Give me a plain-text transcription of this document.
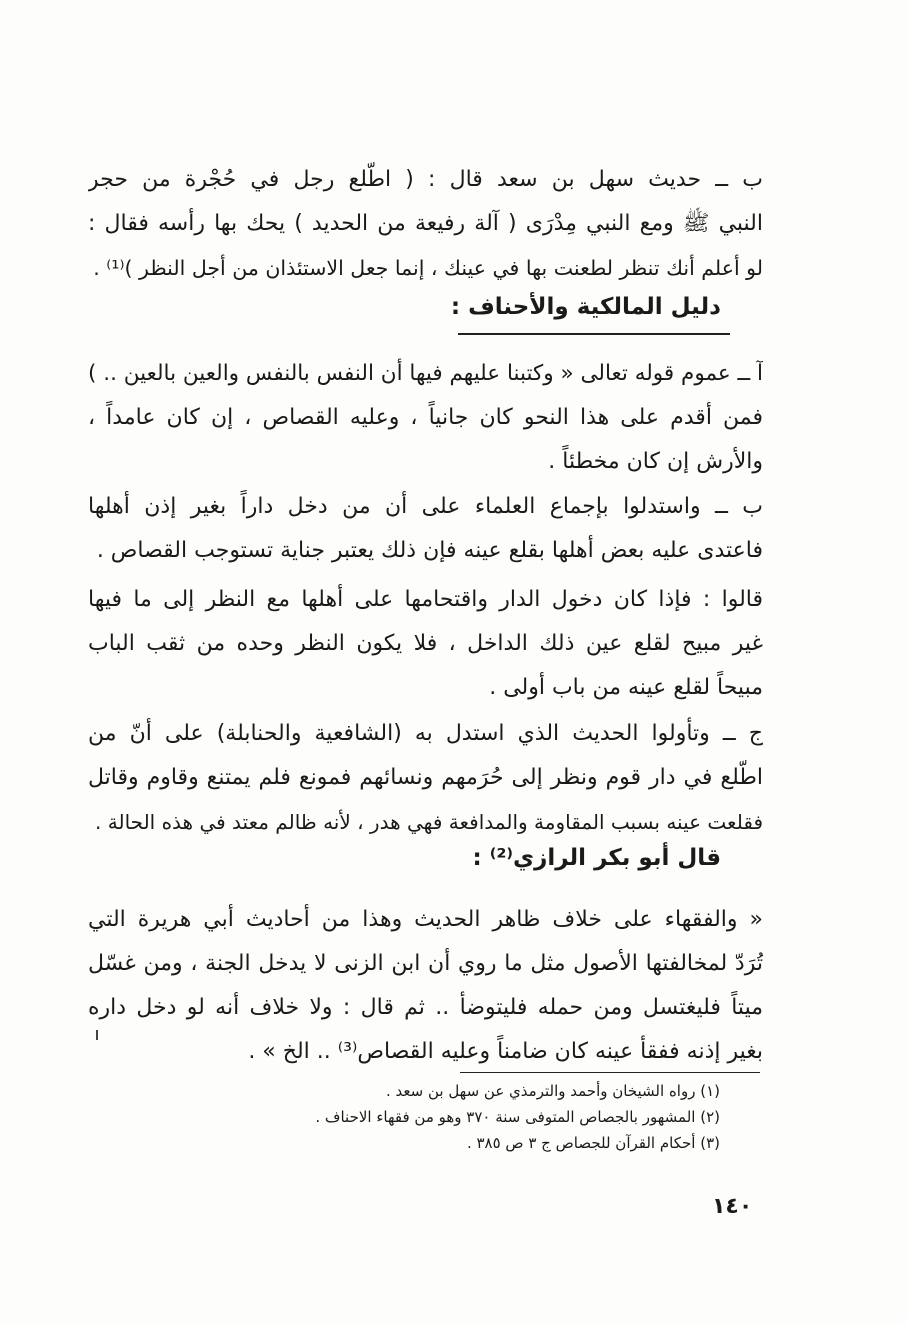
ب ــ حديث سهل بن سعد قال : ( اطّلع رجل في حُجْرة من حجر
النبي ﷺ ومع النبي مِدْرَى ( آلة رفيعة من الحديد ) يحك بها رأسه فقال :
لو أعلم أنك تنظر لطعنت بها في عينك ، إنما جعل الاستئذان من أجل النظر )⁽¹⁾ .
دليل المالكية والأحناف :
آ ــ عموم قوله تعالى « وكتبنا عليهم فيها أن النفس بالنفس والعين بالعين .. )
فمن أقدم على هذا النحو كان جانياً ، وعليه القصاص ، إن كان عامداً ،
والأرش إن كان مخطئاً .
ب ــ واستدلوا بإجماع العلماء على أن من دخل داراً بغير إذن أهلها
فاعتدى عليه بعض أهلها بقلع عينه فإن ذلك يعتبر جناية تستوجب القصاص .
قالوا : فإذا كان دخول الدار واقتحامها على أهلها مع النظر إلى ما فيها
غير مبيح لقلع عين ذلك الداخل ، فلا يكون النظر وحده من ثقب الباب
مبيحاً لقلع عينه من باب أولى .
ج ــ وتأولوا الحديث الذي استدل به (الشافعية والحنابلة) على أنّ من
اطّلع في دار قوم ونظر إلى حُرَمهم ونسائهم فمونع فلم يمتنع وقاوم وقاتل
فقلعت عينه بسبب المقاومة والمدافعة فهي هدر ، لأنه ظالم معتد في هذه الحالة .
قال أبو بكر الرازي⁽²⁾ :
« والفقهاء على خلاف ظاهر الحديث وهذا من أحاديث أبي هريرة التي
تُرَدّ لمخالفتها الأصول مثل ما روي أن ابن الزنى لا يدخل الجنة ، ومن غسّل
ميتاً فليغتسل ومن حمله فليتوضأ .. ثم قال : ولا خلاف أنه لو دخل داره
بغير إذنه ففقأ عينه كان ضامناً وعليه القصاص⁽³⁾ .. الخ » .
(١) رواه الشيخان وأحمد والترمذي عن سهل بن سعد .
(٢) المشهور بالجصاص المتوفى سنة ٣٧٠ وهو من فقهاء الاحناف .
(٣) أحكام القرآن للجصاص ج ٣ ص ٣٨٥ .
١٤٠
